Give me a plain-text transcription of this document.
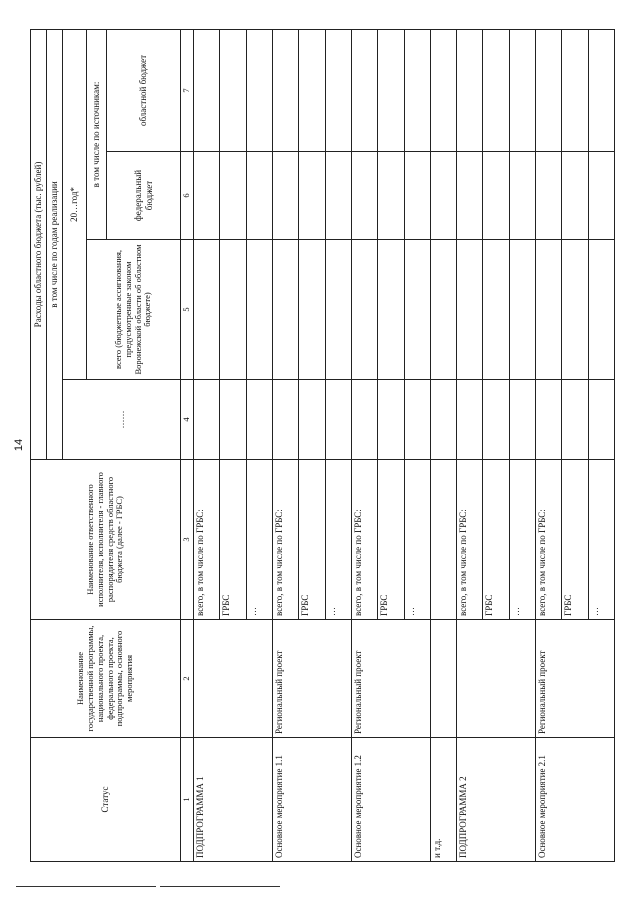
14
Статус	Наименование государственной программы, национального проекта, федерального проекта, подпрограммы, основного мероприятия	Наименование ответственного исполнителя, исполнителя - главного распорядителя средств областного бюджета (далее - ГРБС)	Расходы областного бюджета (тыс. рублей)			
			в том числе по годам реализации			
			……	20…год*		
				всего (бюджетные ассигнования, предусмотренные законом Воронежской области об областном бюджете)	в том числе по источникам:	
					федеральный бюджет	областной бюджет
1	2	3	4	5	6	7
ПОДПРОГРАММА 1		всего, в том числе по ГРБС:				
		ГРБС				
		…				
Основное мероприятие 1.1	Региональный проект	всего, в том числе по ГРБС:				
		ГРБС				
		…				
Основное мероприятие 1.2	Региональный проект	всего, в том числе по ГРБС:				
		ГРБС				
		…				
и т.д.						
ПОДПРОГРАММА 2		всего, в том числе по ГРБС:				
		ГРБС				
		…				
Основное мероприятие 2.1	Региональный проект	всего, в том числе по ГРБС:				
		ГРБС				
		…				
